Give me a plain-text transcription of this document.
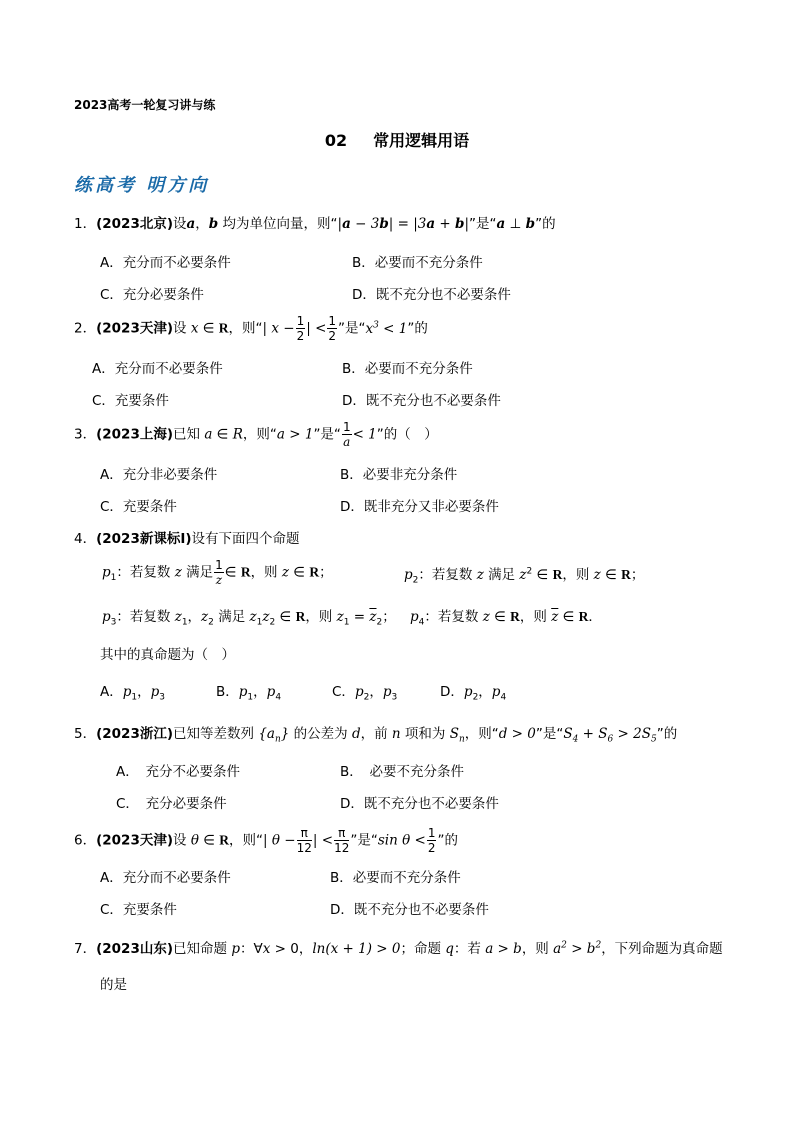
2023高考一轮复习讲与练
02 常用逻辑用语
练高考 明方向
1．(2023北京)设a，b 均为单位向量，则“|a − 3b| = |3a + b|”是“a ⊥ b”的
A．充分而不必要条件	B．必要而不充分条件
C．充分必要条件	D．既不充分也不必要条件
2．(2023天津)设 x ∈ R，则“| $x - \frac{1}{2}$ | < $\frac{1}{2}$ ”是“$x^3 < 1$”的
A．充分而不必要条件	B．必要而不充分条件
C．充要条件	D．既不充分也不必要条件
3．(2023上海)已知 a ∈ R，则“a > 1”是“ $\frac{1}{a} < 1$”的（　）
A．充分非必要条件	B．必要非充分条件
C．充要条件	D．既非充分又非必要条件
4．(2023新课标Ⅰ)设有下面四个命题
$p_1$：若复数 z 满足 $\frac{1}{z}$ ∈ R，则 z ∈ R；	$p_2$：若复数 z 满足 $z^2$ ∈ R，则 z ∈ R；
$p_3$：若复数 $z_1$，$z_2$ 满足 $z_1z_2$ ∈ R，则 $z_1 = \overline{z}_2$； $p_4$：若复数 z ∈ R，则 $\overline{z}$ ∈ R．
其中的真命题为（　）
A．$p_1$，$p_3$	B．$p_1$，$p_4$	C．$p_2$，$p_3$	D．$p_2$，$p_4$
5．(2023浙江)已知等差数列 $\{a_n\}$ 的公差为 d，前 n 项和为 $S_n$，则“d > 0”是“$S_4 + S_6 > 2S_5$”的
A．　充分不必要条件	B．　必要不充分条件
C．　充分必要条件	D．既不充分也不必要条件
6．(2023天津)设 θ ∈ R，则“| $\theta - \frac{\pi}{12}$ | < $\frac{\pi}{12}$ ”是“sin $\theta < \frac{1}{2}$ ”的
A．充分而不必要条件	B．必要而不充分条件
C．充要条件	D．既不充分也不必要条件
7．(2023山东)已知命题 p：∀x > 0，ln(x + 1) > 0；命题 q：若 a > b，则 $a^2 > b^2$，下列命题为真命题
的是
